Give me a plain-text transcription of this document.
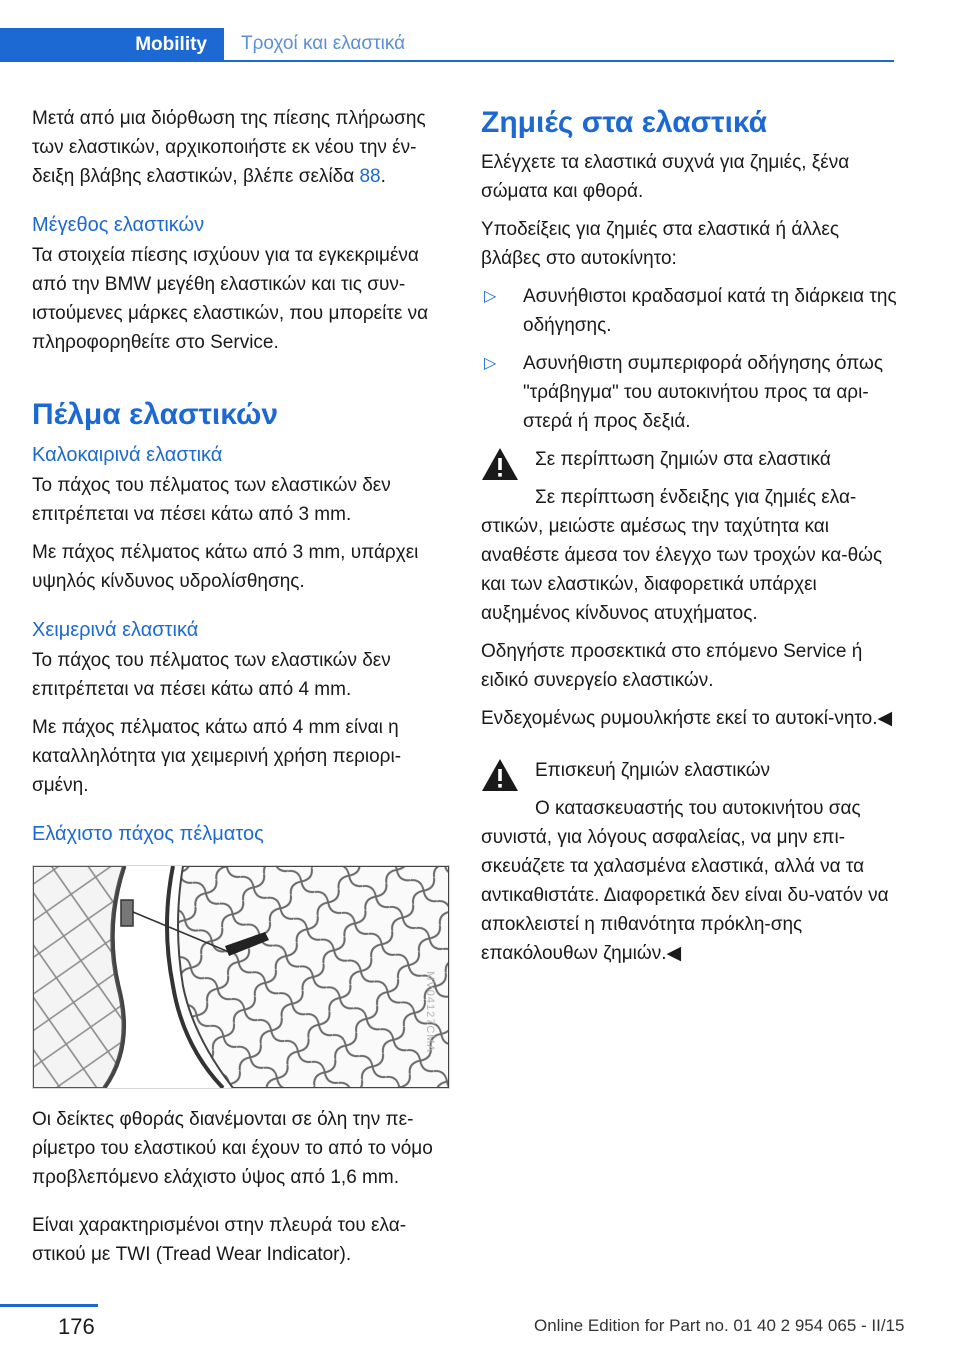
Mobility Τροχοί και ελαστικά

Μετά από μια διόρθωση της πίεσης πλήρωσης των ελαστικών, αρχικοποιήστε εκ νέου την έν‐δειξη βλάβης ελαστικών, βλέπε σελίδα 88.

Μέγεθος ελαστικών

Τα στοιχεία πίεσης ισχύουν για τα εγκεκριμένα από την BMW μεγέθη ελαστικών και τις συν‐ιστούμενες μάρκες ελαστικών, που μπορείτε να πληροφορηθείτε στο Service.

Πέλμα ελαστικών
Καλοκαιρινά ελαστικά

Το πάχος του πέλματος των ελαστικών δεν επιτρέπεται να πέσει κάτω από 3 mm.

Με πάχος πέλματος κάτω από 3 mm, υπάρχει υψηλός κίνδυνος υδρολίσθησης.

Χειμερινά ελαστικά

Το πάχος του πέλματος των ελαστικών δεν επιτρέπεται να πέσει κάτω από 4 mm.

Με πάχος πέλματος κάτω από 4 mm είναι η καταλληλότητα για χειμερινή χρήση περιορι‐σμένη.

Ελάχιστο πάχος πέλματος
MV04127CMA

Οι δείκτες φθοράς διανέμονται σε όλη την πε‐ρίμετρο του ελαστικού και έχουν το από το νόμο προβλεπόμενο ελάχιστο ύψος από 1,6 mm.

Είναι χαρακτηρισμένοι στην πλευρά του ελα‐στικού με TWI (Tread Wear Indicator).

Ζημιές στα ελαστικά

Ελέγχετε τα ελαστικά συχνά για ζημιές, ξένα σώματα και φθορά.

Υποδείξεις για ζημιές στα ελαστικά ή άλλες βλάβες στο αυτοκίνητο:

▷ Ασυνήθιστοι κραδασμοί κατά τη διάρκεια της οδήγησης.
▷ Ασυνήθιστη συμπεριφορά οδήγησης όπως "τράβηγμα" του αυτοκινήτου προς τα αρι‐στερά ή προς δεξιά.

Σε περίπτωση ζημιών στα ελαστικά

Σε περίπτωση ένδειξης για ζημιές ελα‐στικών, μειώστε αμέσως την ταχύτητα και αναθέστε άμεσα τον έλεγχο των τροχών κα‐θώς και των ελαστικών, διαφορετικά υπάρχει αυξημένος κίνδυνος ατυχήματος.

Οδηγήστε προσεκτικά στο επόμενο Service ή ειδικό συνεργείο ελαστικών.

Ενδεχομένως ρυμουλκήστε εκεί το αυτοκί‐νητο.◀

Επισκευή ζημιών ελαστικών

Ο κατασκευαστής του αυτοκινήτου σας συνιστά, για λόγους ασφαλείας, να μην επι‐σκευάζετε τα χαλασμένα ελαστικά, αλλά να τα αντικαθιστάτε. Διαφορετικά δεν είναι δυ‐νατόν να αποκλειστεί η πιθανότητα πρόκλη‐σης επακόλουθων ζημιών.◀

176	Online Edition for Part no. 01 40 2 954 065 - II/15
